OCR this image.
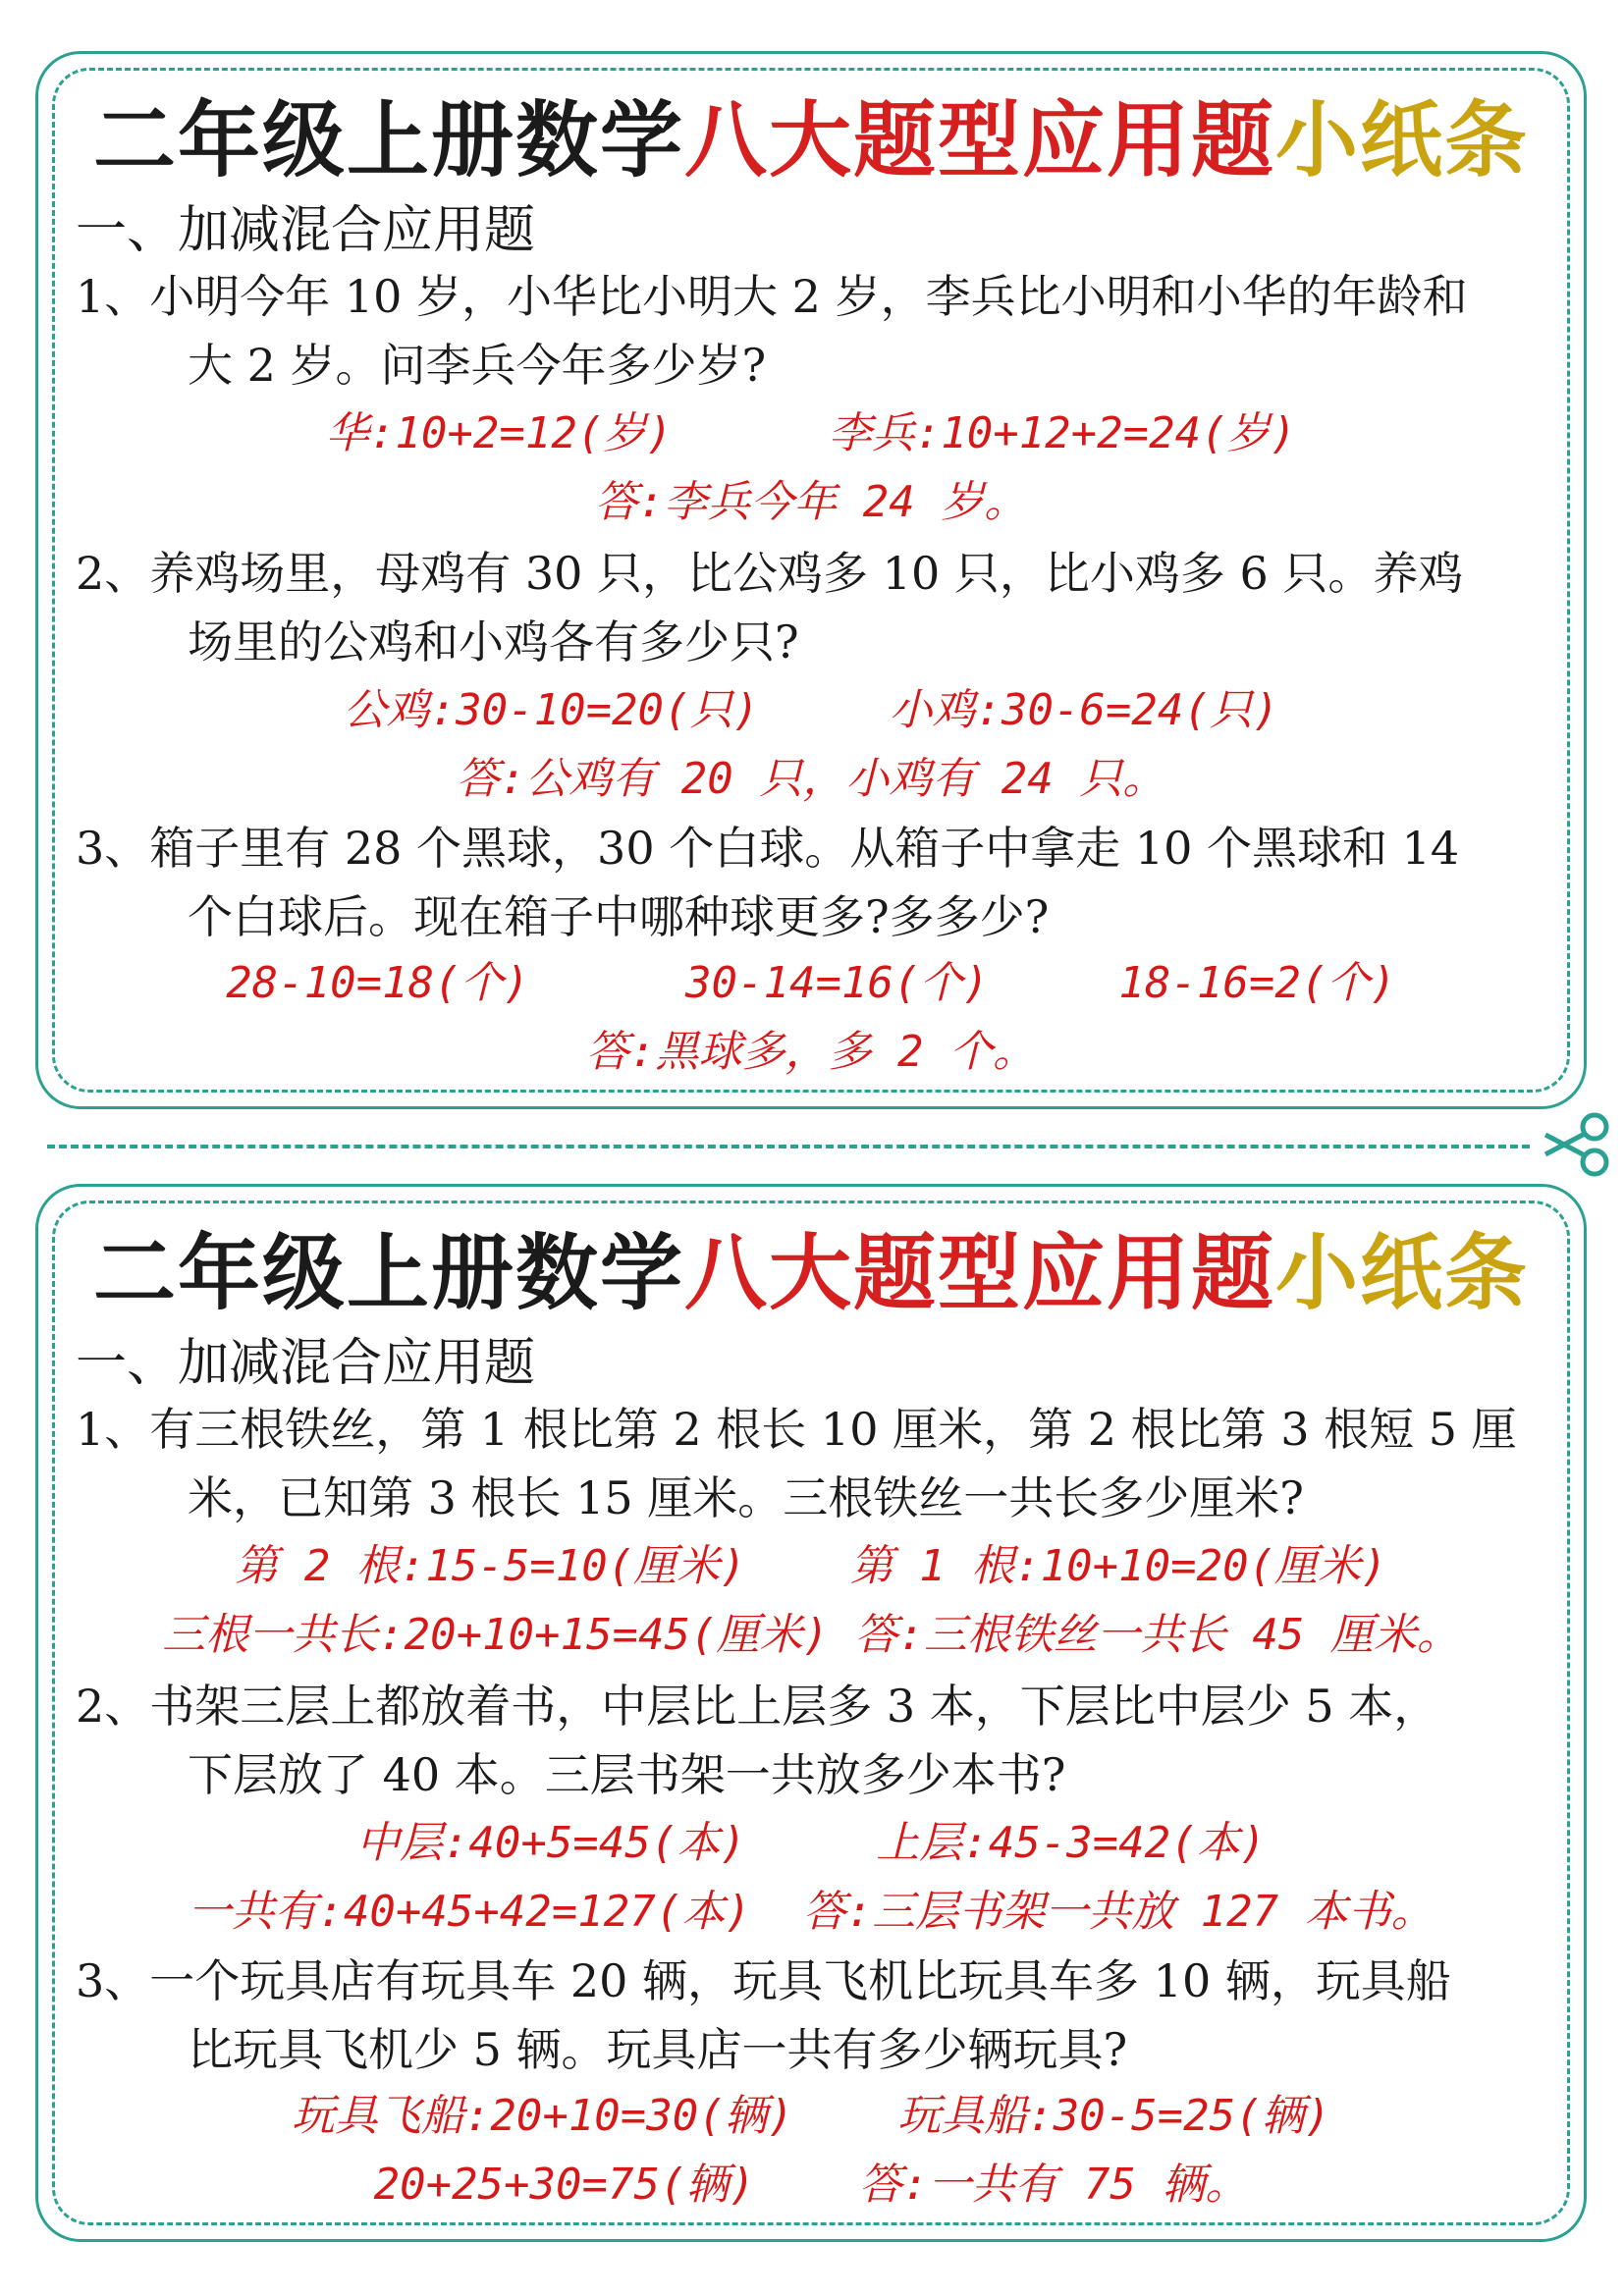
二年级上册数学八大题型应用题小纸条
一、加减混合应用题
1、小明今年 10 岁，小华比小明大 2 岁，李兵比小明和小华的年龄和
大 2 岁。问李兵今年多少岁?
华:10+2=12(岁)      李兵:10+12+2=24(岁)
答:李兵今年 24 岁。
2、养鸡场里，母鸡有 30 只，比公鸡多 10 只，比小鸡多 6 只。养鸡
场里的公鸡和小鸡各有多少只?
公鸡:30-10=20(只)     小鸡:30-6=24(只)
答:公鸡有 20 只，小鸡有 24 只。
3、箱子里有 28 个黑球，30 个白球。从箱子中拿走 10 个黑球和 14
个白球后。现在箱子中哪种球更多?多多少?
28-10=18(个)      30-14=16(个)     18-16=2(个)
答:黑球多，多 2 个。
二年级上册数学八大题型应用题小纸条
一、加减混合应用题
1、有三根铁丝，第 1 根比第 2 根长 10 厘米，第 2 根比第 3 根短 5 厘
米，已知第 3 根长 15 厘米。三根铁丝一共长多少厘米?
第 2 根:15-5=10(厘米)    第 1 根:10+10=20(厘米)
三根一共长:20+10+15=45(厘米) 答:三根铁丝一共长 45 厘米。
2、书架三层上都放着书，中层比上层多 3 本，下层比中层少 5 本，
下层放了 40 本。三层书架一共放多少本书?
中层:40+5=45(本)     上层:45-3=42(本)
一共有:40+45+42=127(本)  答:三层书架一共放 127 本书。
3、一个玩具店有玩具车 20 辆，玩具飞机比玩具车多 10 辆，玩具船
比玩具飞机少 5 辆。玩具店一共有多少辆玩具?
玩具飞船:20+10=30(辆)    玩具船:30-5=25(辆)
20+25+30=75(辆)    答:一共有 75 辆。
